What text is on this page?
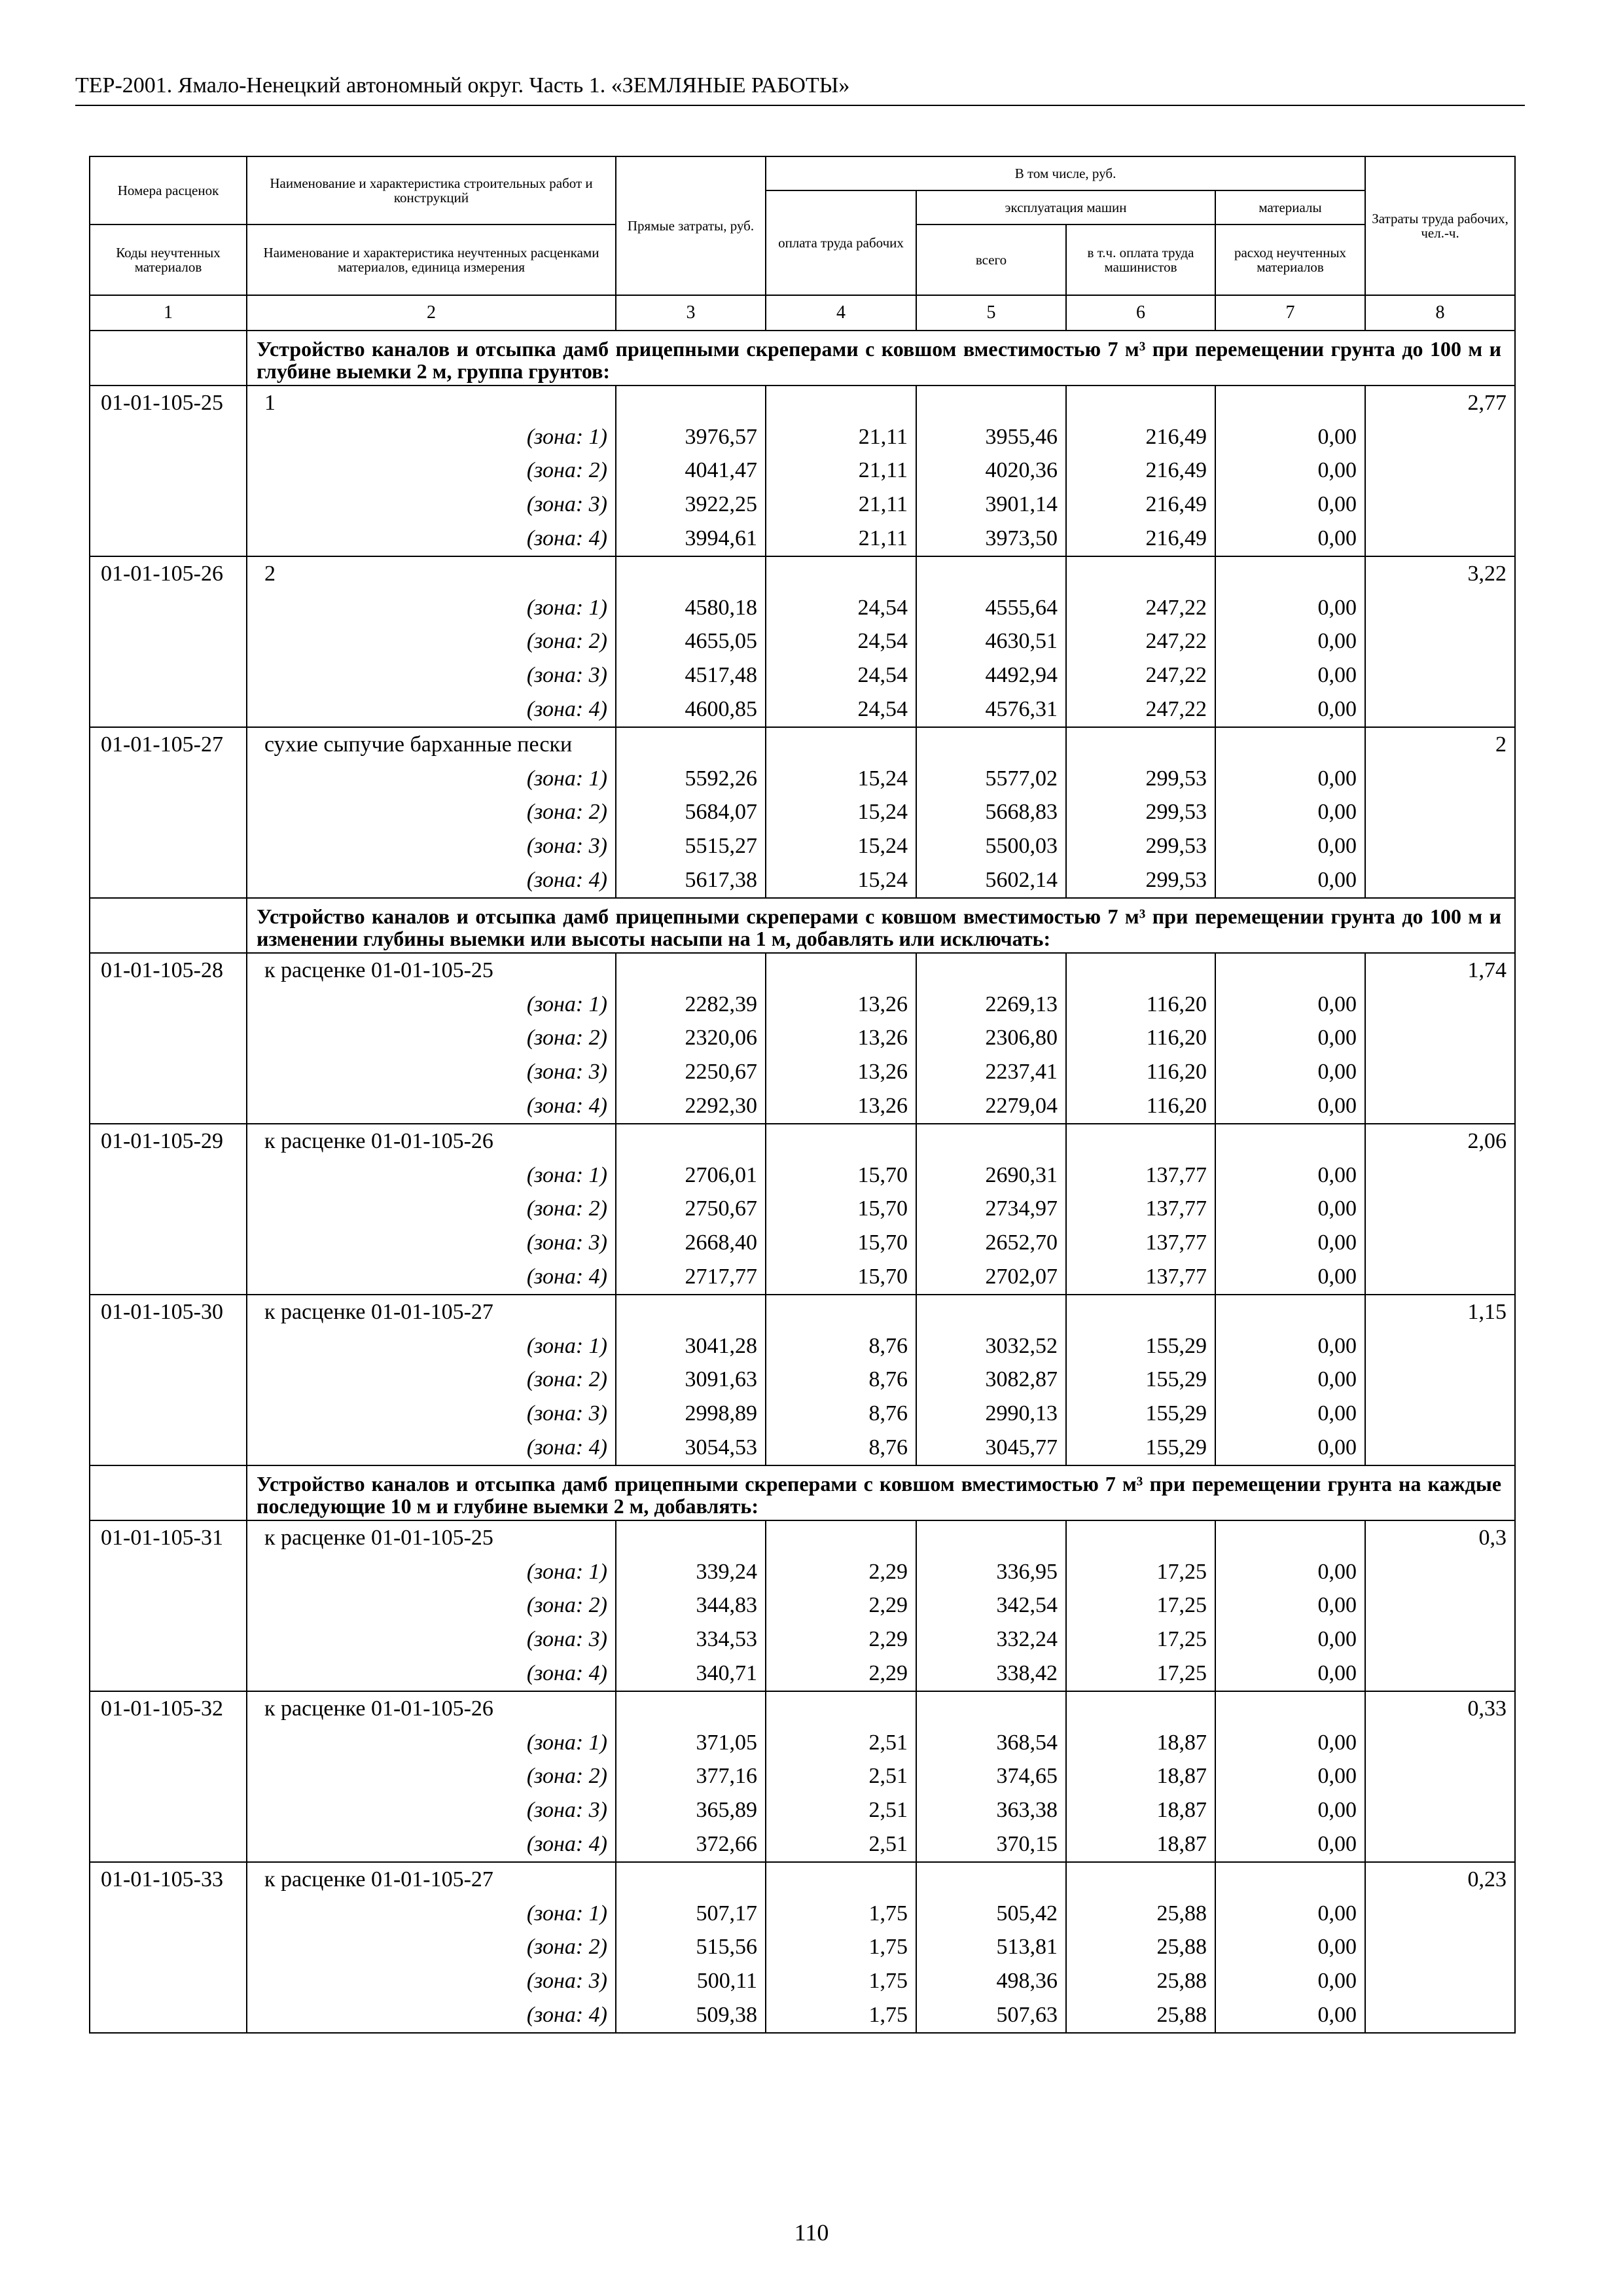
ТЕР-2001. Ямало-Ненецкий автономный округ. Часть 1. «ЗЕМЛЯНЫЕ РАБОТЫ»
Номера расценок	Наименование и характеристика строительных работ и конструкций	Прямые затраты, руб.	В том числе, руб.				Затраты труда рабочих, чел.-ч.
			оплата труда рабочих	эксплуатация машин		материалы	
Коды неучтенных материалов	Наименование и характеристика неучтенных расценками материалов, единица измерения			всего	в т.ч. оплата труда машинистов	расход неучтенных материалов	
1	2	3	4	5	6	7	8
	Устройство каналов и отсыпка дамб прицепными скреперами с ковшом вместимостью 7 м³ при перемещении грунта до 100 м и глубине выемки 2 м, группа грунтов:						
01-01-105-25	1						2,77
	(зона: 1)	3976,57	21,11	3955,46	216,49	0,00	
	(зона: 2)	4041,47	21,11	4020,36	216,49	0,00	
	(зона: 3)	3922,25	21,11	3901,14	216,49	0,00	
	(зона: 4)	3994,61	21,11	3973,50	216,49	0,00	
01-01-105-26	2						3,22
	(зона: 1)	4580,18	24,54	4555,64	247,22	0,00	
	(зона: 2)	4655,05	24,54	4630,51	247,22	0,00	
	(зона: 3)	4517,48	24,54	4492,94	247,22	0,00	
	(зона: 4)	4600,85	24,54	4576,31	247,22	0,00	
01-01-105-27	сухие сыпучие барханные пески						2
	(зона: 1)	5592,26	15,24	5577,02	299,53	0,00	
	(зона: 2)	5684,07	15,24	5668,83	299,53	0,00	
	(зона: 3)	5515,27	15,24	5500,03	299,53	0,00	
	(зона: 4)	5617,38	15,24	5602,14	299,53	0,00	
	Устройство каналов и отсыпка дамб прицепными скреперами с ковшом вместимостью 7 м³ при перемещении грунта до 100 м и изменении глубины выемки или высоты насыпи на 1 м, добавлять или исключать:						
01-01-105-28	к расценке 01-01-105-25						1,74
	(зона: 1)	2282,39	13,26	2269,13	116,20	0,00	
	(зона: 2)	2320,06	13,26	2306,80	116,20	0,00	
	(зона: 3)	2250,67	13,26	2237,41	116,20	0,00	
	(зона: 4)	2292,30	13,26	2279,04	116,20	0,00	
01-01-105-29	к расценке 01-01-105-26						2,06
	(зона: 1)	2706,01	15,70	2690,31	137,77	0,00	
	(зона: 2)	2750,67	15,70	2734,97	137,77	0,00	
	(зона: 3)	2668,40	15,70	2652,70	137,77	0,00	
	(зона: 4)	2717,77	15,70	2702,07	137,77	0,00	
01-01-105-30	к расценке 01-01-105-27						1,15
	(зона: 1)	3041,28	8,76	3032,52	155,29	0,00	
	(зона: 2)	3091,63	8,76	3082,87	155,29	0,00	
	(зона: 3)	2998,89	8,76	2990,13	155,29	0,00	
	(зона: 4)	3054,53	8,76	3045,77	155,29	0,00	
	Устройство каналов и отсыпка дамб прицепными скреперами с ковшом вместимостью 7 м³ при перемещении грунта на каждые последующие 10 м и глубине выемки 2 м, добавлять:						
01-01-105-31	к расценке 01-01-105-25						0,3
	(зона: 1)	339,24	2,29	336,95	17,25	0,00	
	(зона: 2)	344,83	2,29	342,54	17,25	0,00	
	(зона: 3)	334,53	2,29	332,24	17,25	0,00	
	(зона: 4)	340,71	2,29	338,42	17,25	0,00	
01-01-105-32	к расценке 01-01-105-26						0,33
	(зона: 1)	371,05	2,51	368,54	18,87	0,00	
	(зона: 2)	377,16	2,51	374,65	18,87	0,00	
	(зона: 3)	365,89	2,51	363,38	18,87	0,00	
	(зона: 4)	372,66	2,51	370,15	18,87	0,00	
01-01-105-33	к расценке 01-01-105-27						0,23
	(зона: 1)	507,17	1,75	505,42	25,88	0,00	
	(зона: 2)	515,56	1,75	513,81	25,88	0,00	
	(зона: 3)	500,11	1,75	498,36	25,88	0,00	
	(зона: 4)	509,38	1,75	507,63	25,88	0,00	
110
